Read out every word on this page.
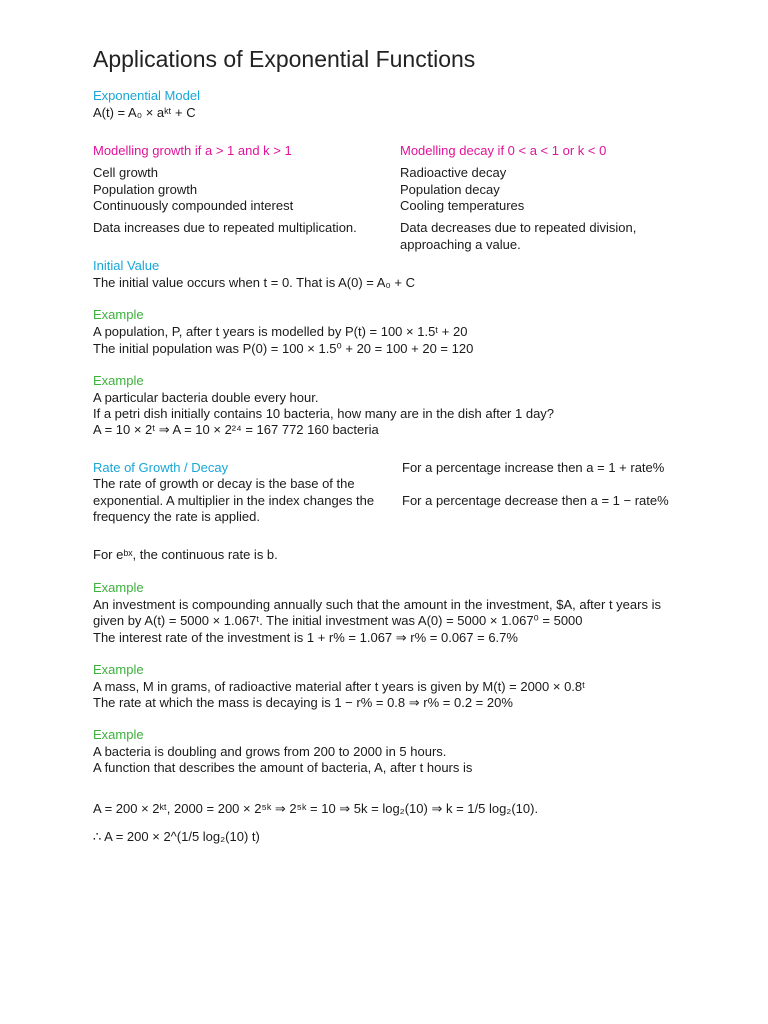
Applications of Exponential Functions
Exponential Model
A(t) = A₀ × aᵏᵗ + C
Modelling growth if a > 1 and k > 1
Cell growth
Population growth
Continuously compounded interest
Data increases due to repeated multiplication.
Modelling decay if 0 < a < 1 or k < 0
Radioactive decay
Population decay
Cooling temperatures
Data decreases due to repeated division,
approaching a value.
Initial Value
The initial value occurs when t = 0. That is A(0) = A₀ + C
Example
A population, P, after t years is modelled by P(t) = 100 × 1.5ᵗ + 20
The initial population was P(0) = 100 × 1.5⁰ + 20 = 100 + 20 = 120
Example
A particular bacteria double every hour.
If a petri dish initially contains 10 bacteria, how many are in the dish after 1 day?
A = 10 × 2ᵗ ⇒ A = 10 × 2²⁴ = 167 772 160 bacteria
Rate of Growth / Decay
The rate of growth or decay is the base of the
exponential. A multiplier in the index changes the
frequency the rate is applied.
For a percentage increase then a = 1 + rate%
For a percentage decrease then a = 1 − rate%
For eᵇˣ, the continuous rate is b.
Example
An investment is compounding annually such that the amount in the investment, $A, after t years is
given by A(t) = 5000 × 1.067ᵗ. The initial investment was A(0) = 5000 × 1.067⁰ = 5000
The interest rate of the investment is 1 + r% = 1.067 ⇒ r% = 0.067 = 6.7%
Example
A mass, M in grams, of radioactive material after t years is given by M(t) = 2000 × 0.8ᵗ
The rate at which the mass is decaying is 1 − r% = 0.8 ⇒ r% = 0.2 = 20%
Example
A bacteria is doubling and grows from 200 to 2000 in 5 hours.
A function that describes the amount of bacteria, A, after t hours is
A = 200 × 2ᵏᵗ, 2000 = 200 × 2⁵ᵏ ⇒ 2⁵ᵏ = 10 ⇒ 5k = log₂(10) ⇒ k = 1/5 log₂(10).
∴ A = 200 × 2^(1/5 log₂(10) t)
